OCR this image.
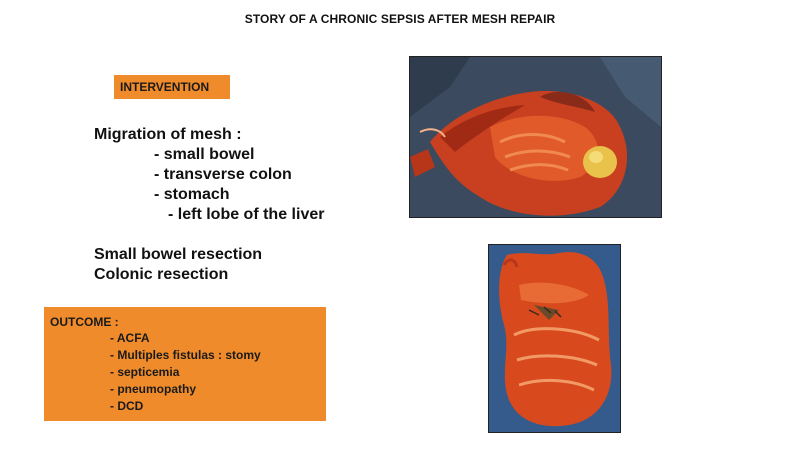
STORY OF A CHRONIC SEPSIS AFTER MESH REPAIR
INTERVENTION
Migration of mesh :
- small bowel
- transverse colon
- stomach
- left lobe of the liver
Small bowel resection
Colonic resection
OUTCOME :
- ACFA
- Multiples fistulas : stomy
- septicemia
- pneumopathy
- DCD
